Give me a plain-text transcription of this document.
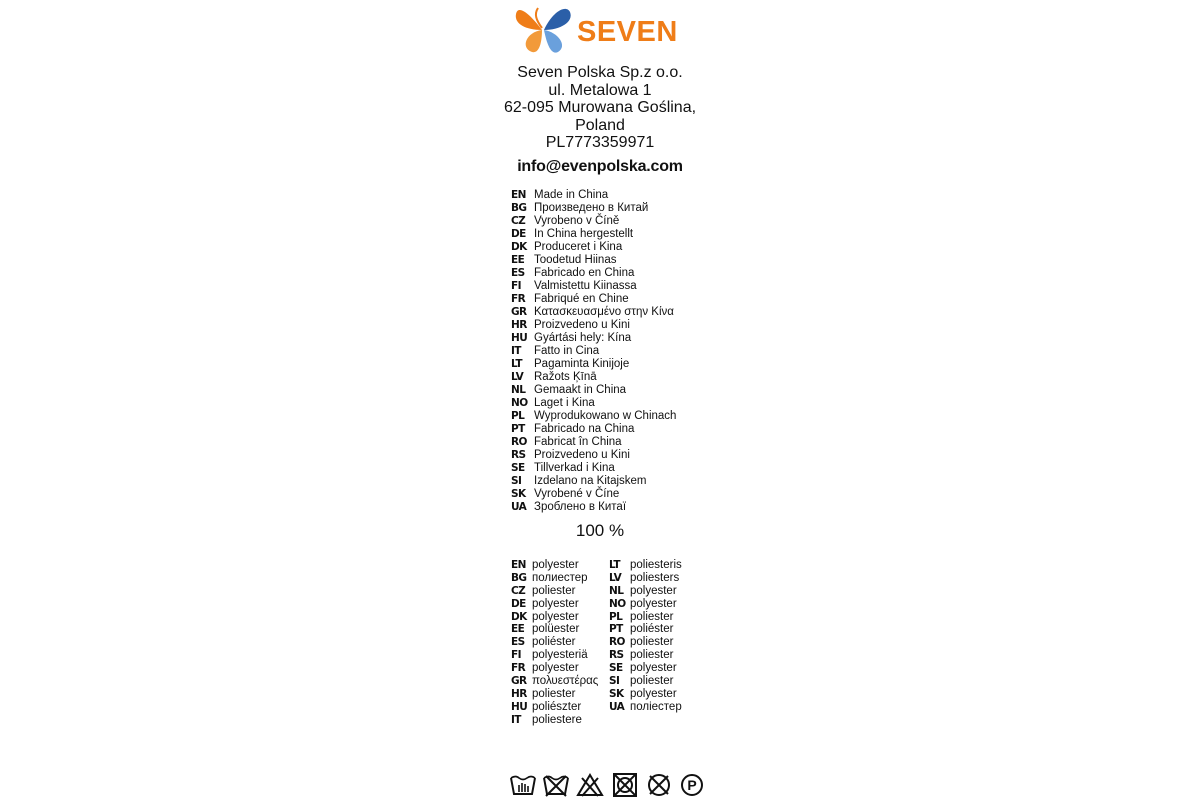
SEVEN
Seven Polska Sp.z o.o.
ul. Metalowa 1
62-095 Murowana Goślina,
Poland
PL7773359971
info@evenpolska.com
EN Made in China
BG Произведено в Китай
CZ Vyrobeno v Číně
DE In China hergestellt
DK Produceret i Kina
EE Toodetud Hiinas
ES Fabricado en China
FI Valmistettu Kiinassa
FR Fabriqué en Chine
GR Κατασκευασμένο στην Κίνα
HR Proizvedeno u Kini
HU Gyártási hely: Kína
IT Fatto in Cina
LT Pagaminta Kinijoje
LV Ražots Ķīnā
NL Gemaakt in China
NO Laget i Kina
PL Wyprodukowano w Chinach
PT Fabricado na China
RO Fabricat în China
RS Proizvedeno u Kini
SE Tillverkad i Kina
SI Izdelano na Kitajskem
SK Vyrobené v Číne
UA Зроблено в Китаї
100 %
EN polyester
BG полиестер
CZ poliester
DE polyester
DK polyester
EE polüester
ES poliéster
FI polyesteriä
FR polyester
GR πολυεστέρας
HR poliester
HU poliészter
IT poliestere
LT poliesteris
LV poliesters
NL polyester
NO polyester
PL poliester
PT poliéster
RO poliester
RS poliester
SE polyester
SI poliester
SK polyester
UA поліестер
P
